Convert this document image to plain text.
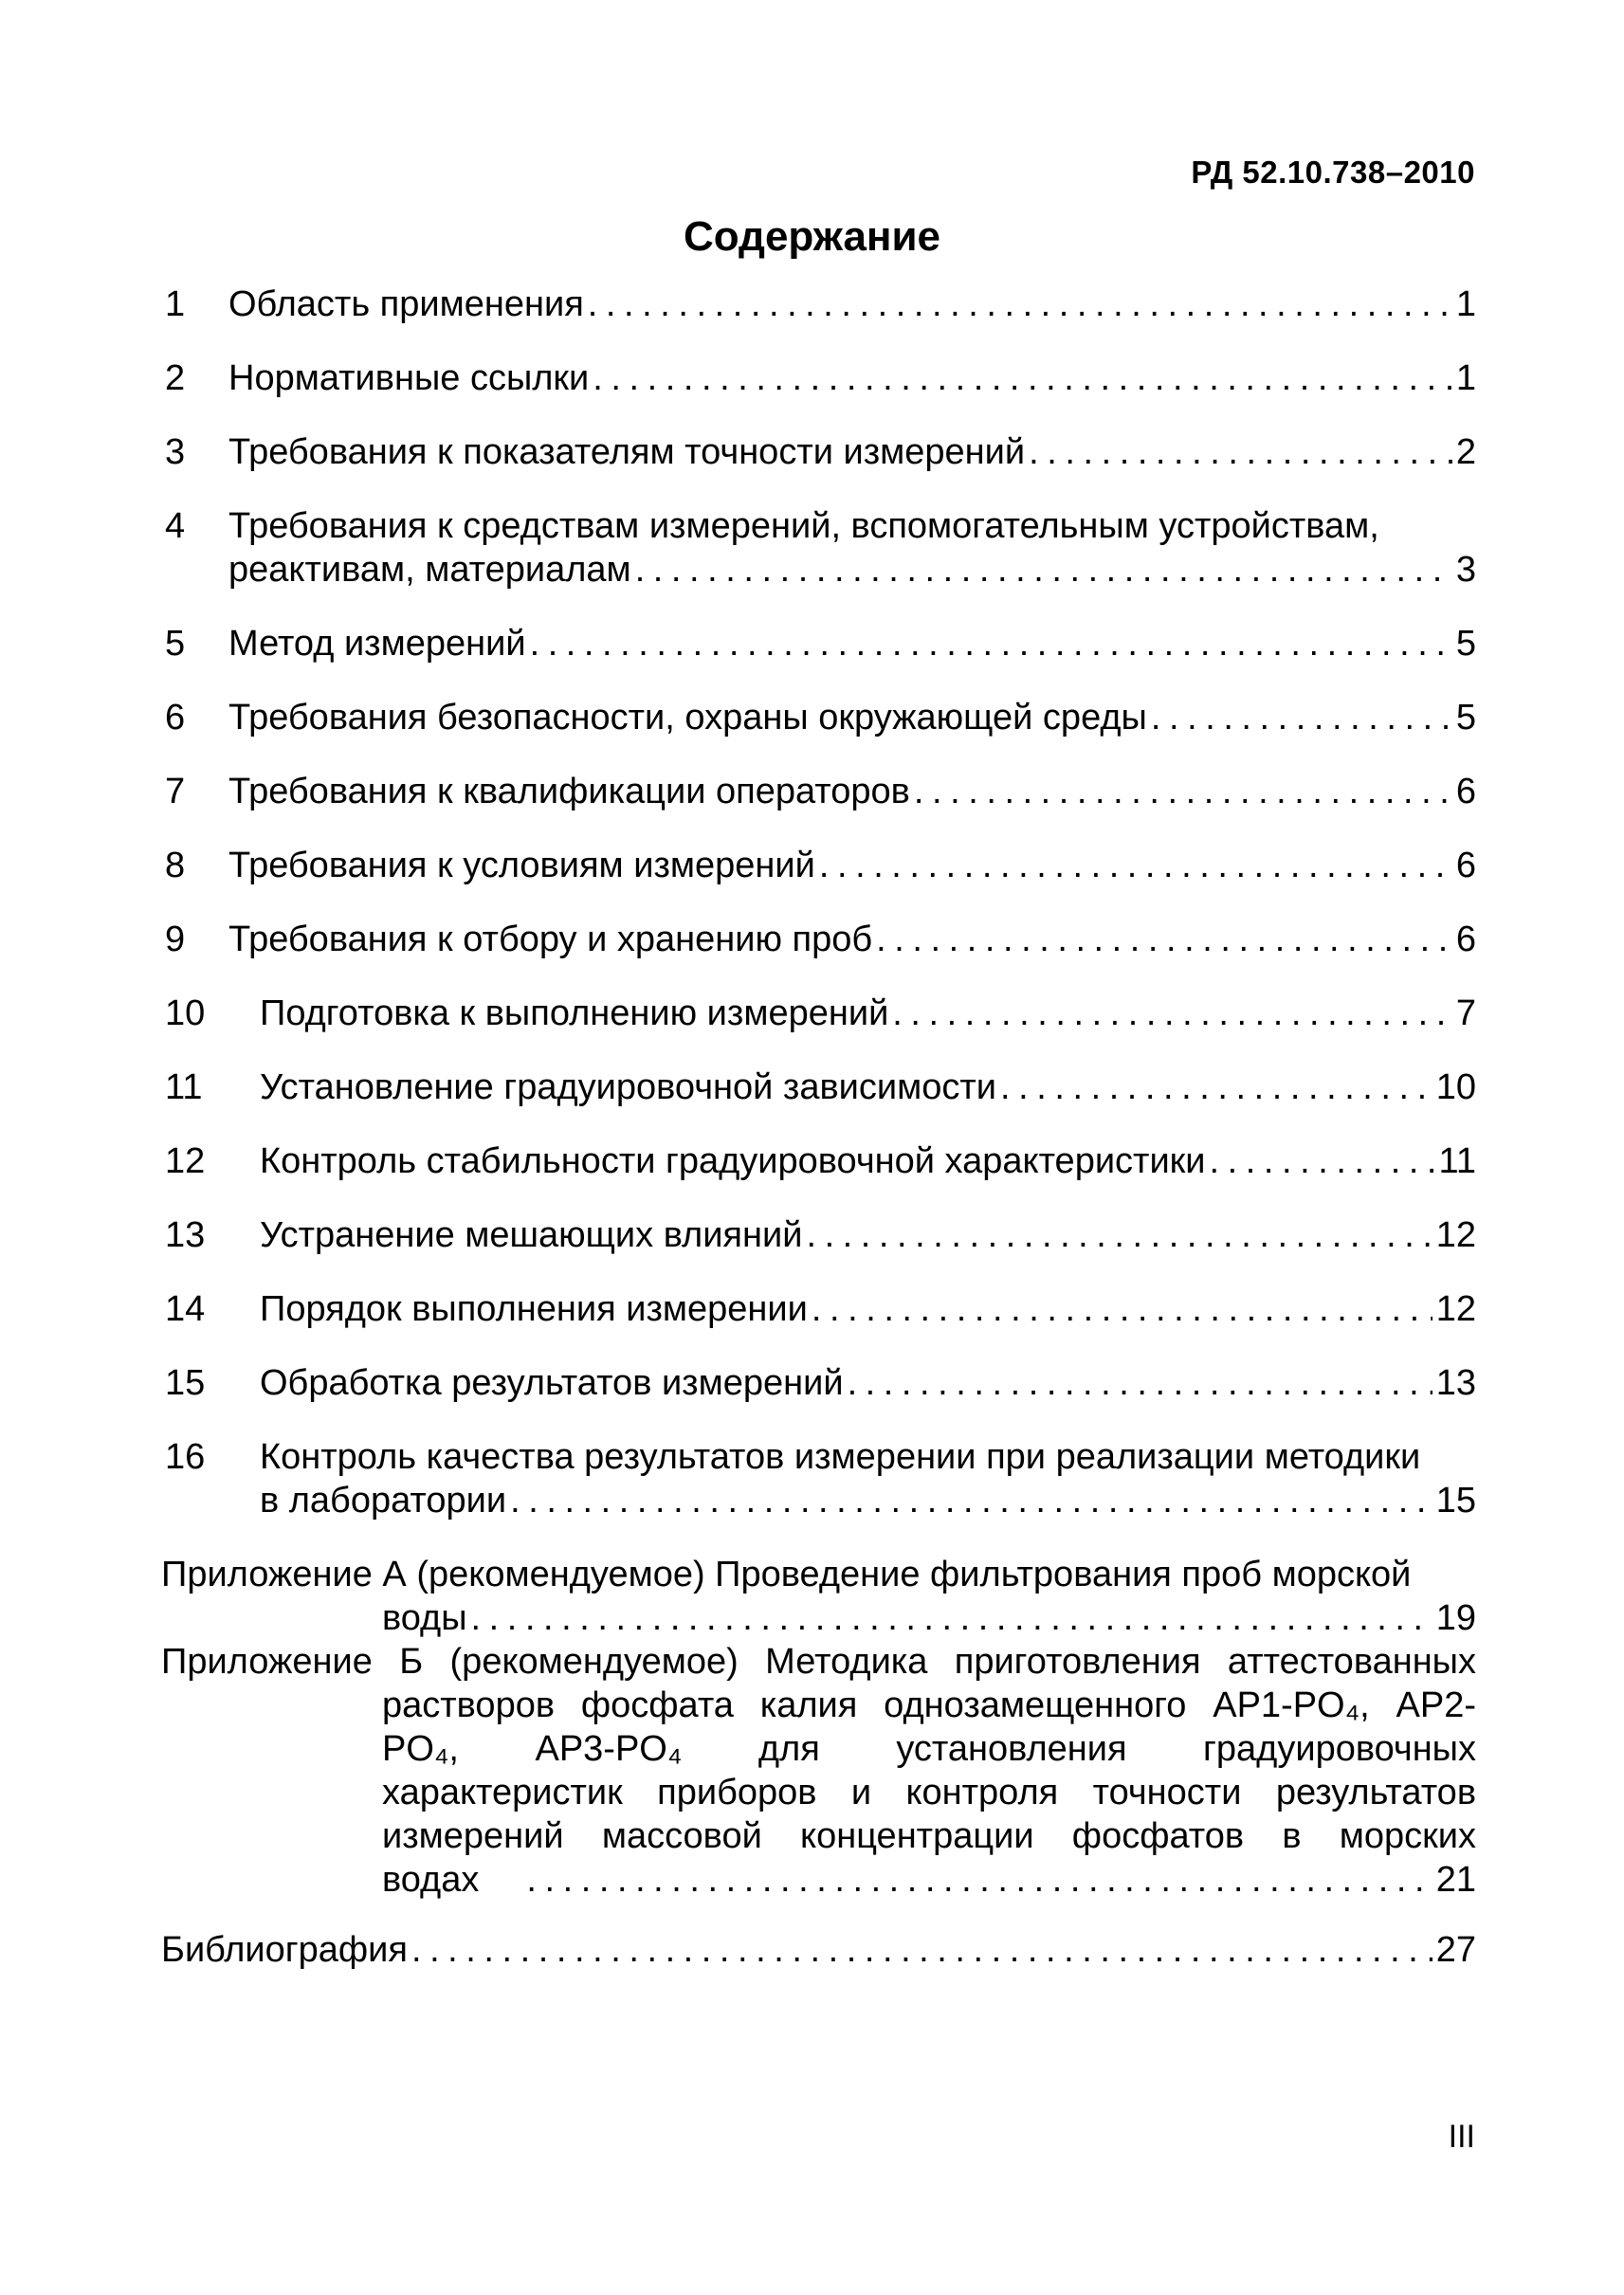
РД 52.10.738–2010
Содержание
1 Область применения . . .	1
2 Нормативные ссылки . . .	1
3 Требования к показателям точности измерений . . .	2
4 Требования к средствам измерений, вспомогательным устройствам,
реактивам, материалам . . .	3
5 Метод измерений . . .	5
6 Требования безопасности, охраны окружающей среды . . .	5
7 Требования к квалификации операторов . . .	6
8 Требования к условиям измерений . . .	6
9 Требования к отбору и хранению проб . . .	6
10 Подготовка к выполнению измерений . . .	7
11 Установление градуировочной зависимости . . .	10
12 Контроль стабильности градуировочной характеристики . . .	11
13 Устранение мешающих влияний . . .	12
14 Порядок выполнения измерении . . .	12
15 Обработка результатов измерений . . .	13
16 Контроль качества результатов измерении при реализации методики
в лаборатории . . .	15
Приложение А (рекомендуемое) Проведение фильтрования проб морской
воды . . .	19
Приложение Б (рекомендуемое) Методика приготовления аттестованных
растворов фосфата калия однозамещенного АР1-PO₄, АР2-
PO₄, АР3-PO₄ для установления градуировочных
характеристик приборов и контроля точности результатов
измерений массовой концентрации фосфатов в морских
водах . . .	21
Библиография . . .	27
III
